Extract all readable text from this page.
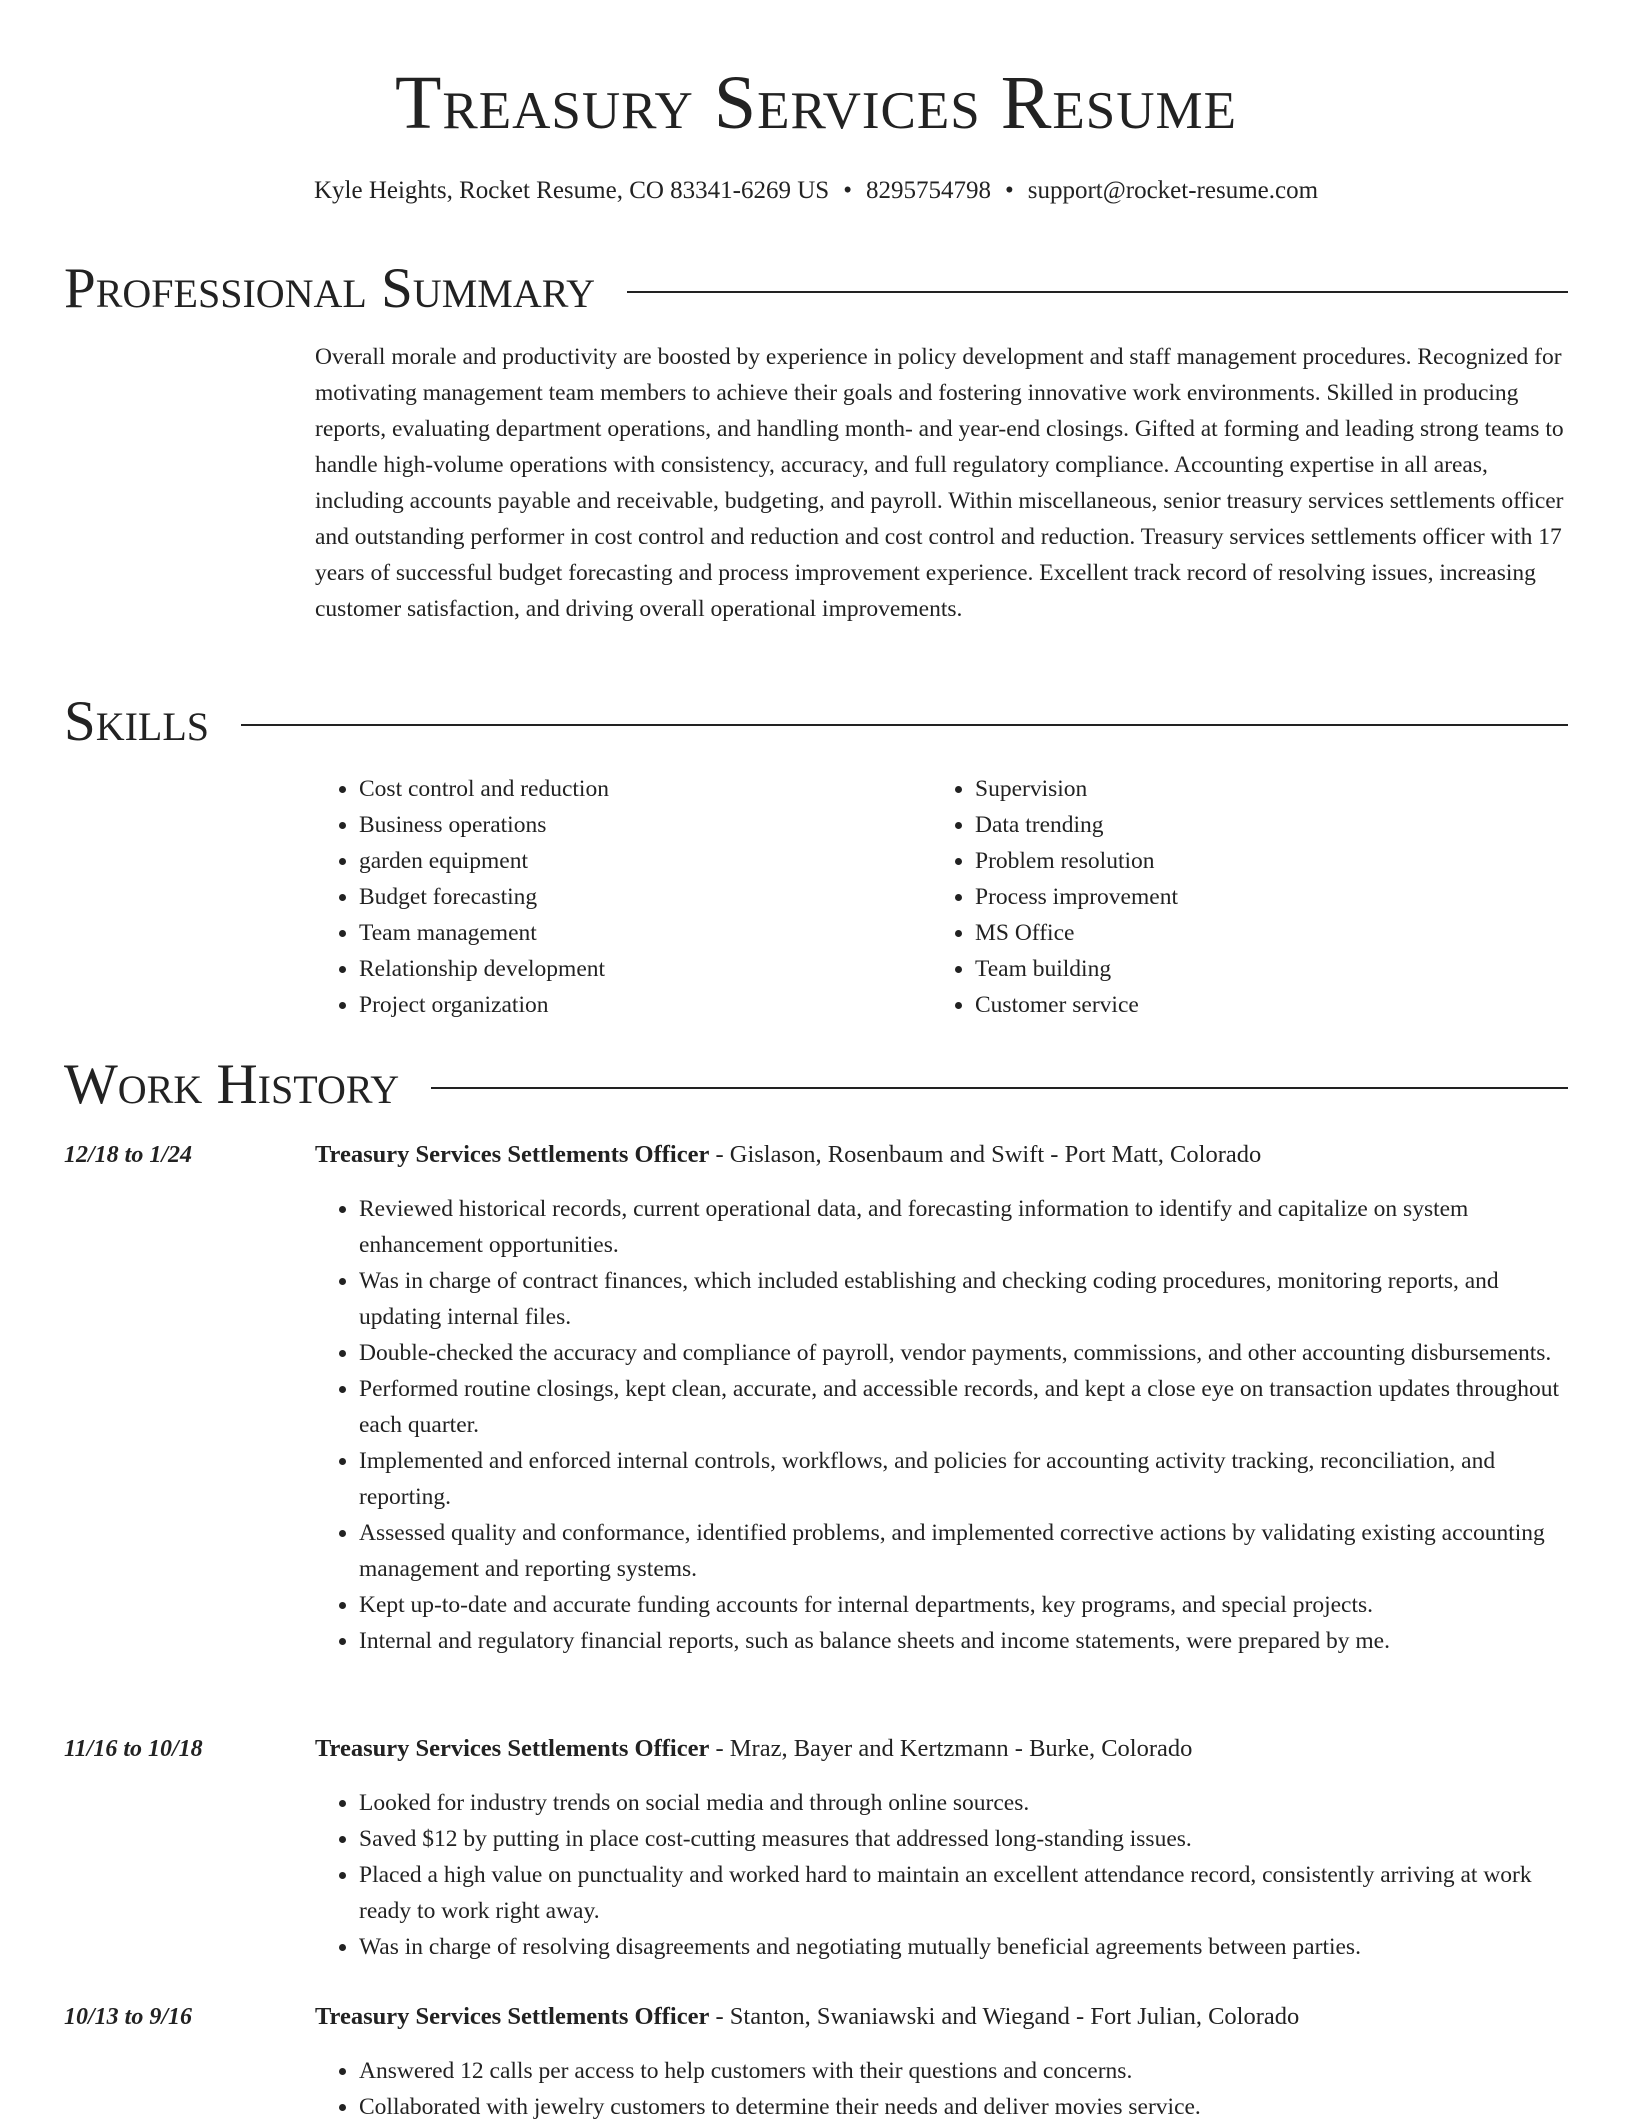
Treasury Services Resume
Kyle Heights, Rocket Resume, CO 83341-6269 US • 8295754798 • support@rocket-resume.com
Professional Summary

Overall morale and productivity are boosted by experience in policy development and staff management procedures. Recognized for motivating management team members to achieve their goals and fostering innovative work environments. Skilled in producing reports, evaluating department operations, and handling month- and year-end closings. Gifted at forming and leading strong teams to handle high-volume operations with consistency, accuracy, and full regulatory compliance. Accounting expertise in all areas, including accounts payable and receivable, budgeting, and payroll. Within miscellaneous, senior treasury services settlements officer and outstanding performer in cost control and reduction and cost control and reduction. Treasury services settlements officer with 17 years of successful budget forecasting and process improvement experience. Excellent track record of resolving issues, increasing customer satisfaction, and driving overall operational improvements.

Skills
• Cost control and reduction
• Business operations
• garden equipment
• Budget forecasting
• Team management
• Relationship development
• Project organization
• Supervision
• Data trending
• Problem resolution
• Process improvement
• MS Office
• Team building
• Customer service
Work History
12/18 to 1/24	Treasury Services Settlements Officer - Gislason, Rosenbaum and Swift - Port Matt, Colorado
• Reviewed historical records, current operational data, and forecasting information to identify and capitalize on system enhancement opportunities.
• Was in charge of contract finances, which included establishing and checking coding procedures, monitoring reports, and updating internal files.
• Double-checked the accuracy and compliance of payroll, vendor payments, commissions, and other accounting disbursements.
• Performed routine closings, kept clean, accurate, and accessible records, and kept a close eye on transaction updates throughout each quarter.
• Implemented and enforced internal controls, workflows, and policies for accounting activity tracking, reconciliation, and reporting.
• Assessed quality and conformance, identified problems, and implemented corrective actions by validating existing accounting management and reporting systems.
• Kept up-to-date and accurate funding accounts for internal departments, key programs, and special projects.
• Internal and regulatory financial reports, such as balance sheets and income statements, were prepared by me.
11/16 to 10/18	Treasury Services Settlements Officer - Mraz, Bayer and Kertzmann - Burke, Colorado
• Looked for industry trends on social media and through online sources.
• Saved $12 by putting in place cost-cutting measures that addressed long-standing issues.
• Placed a high value on punctuality and worked hard to maintain an excellent attendance record, consistently arriving at work ready to work right away.
• Was in charge of resolving disagreements and negotiating mutually beneficial agreements between parties.
10/13 to 9/16	Treasury Services Settlements Officer - Stanton, Swaniawski and Wiegand - Fort Julian, Colorado
• Answered 12 calls per access to help customers with their questions and concerns.
• Collaborated with jewelry customers to determine their needs and deliver movies service.
